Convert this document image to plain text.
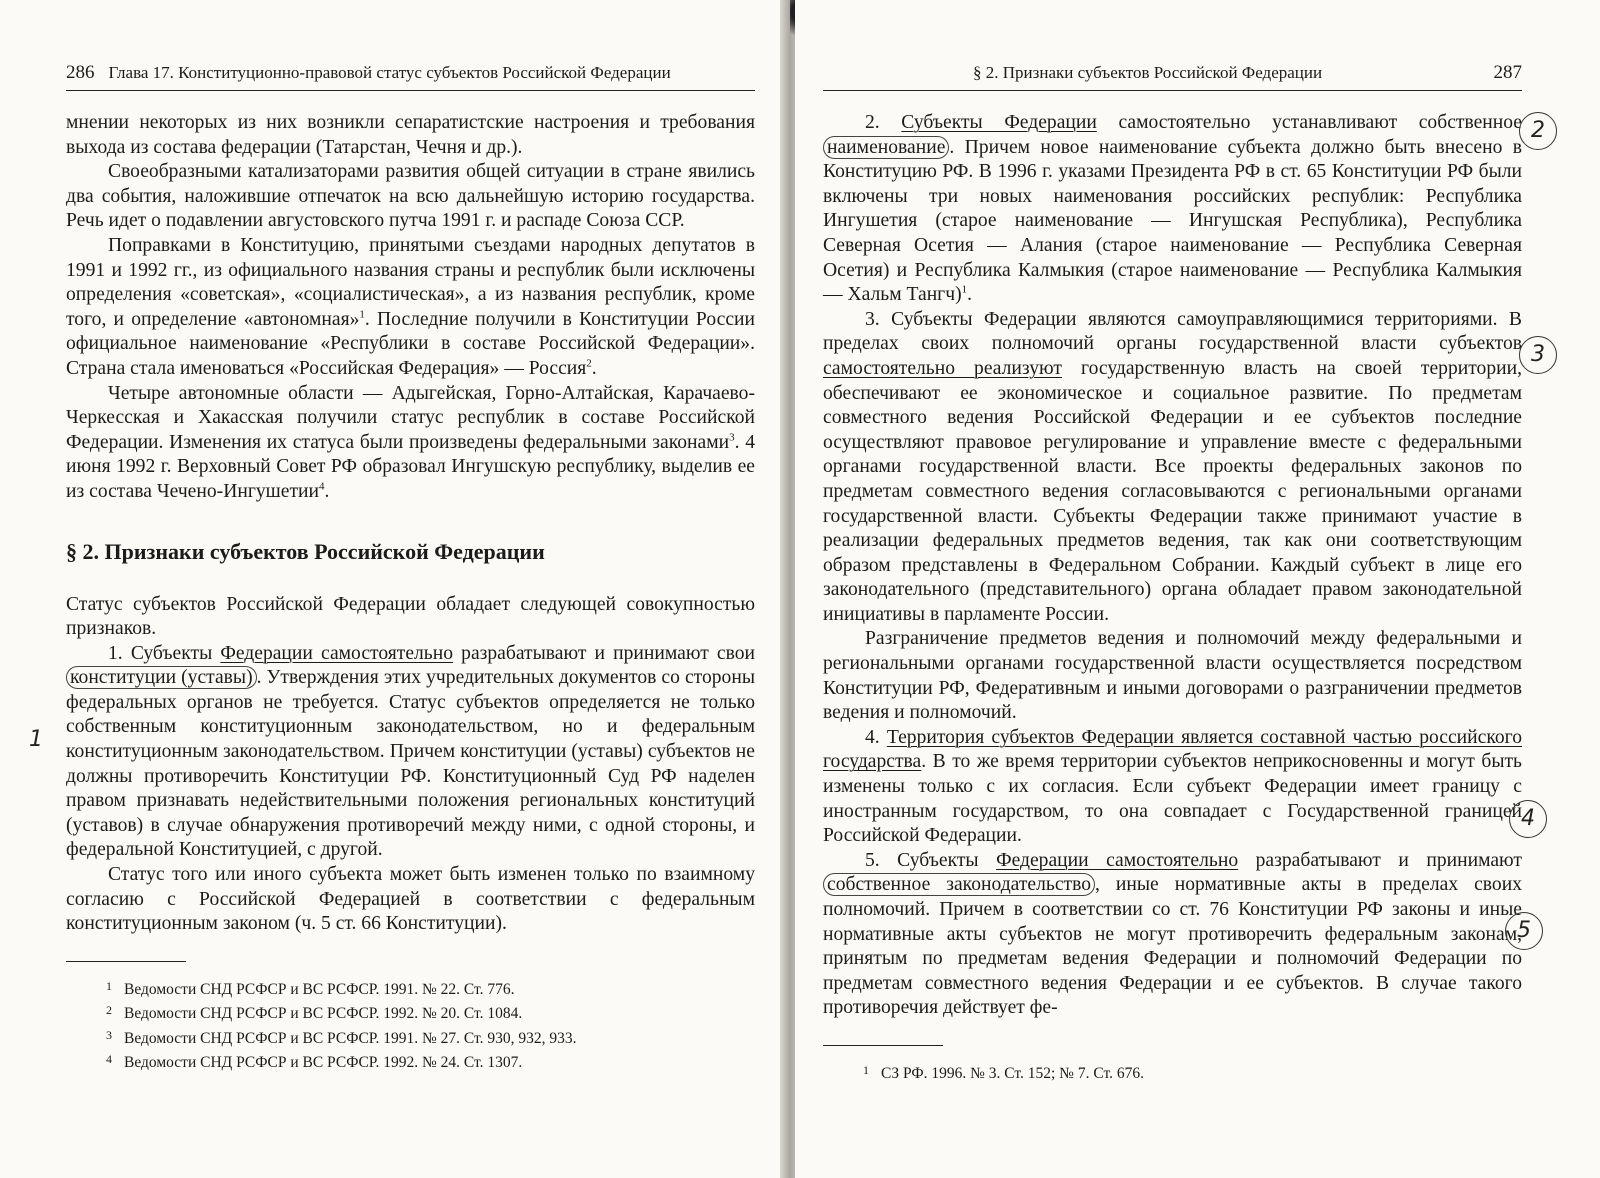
286 Глава 17. Конституционно-правовой статус субъектов Российской Федерации

мнении некоторых из них возникли сепаратистские настроения и требования выхода из состава федерации (Татарстан, Чечня и др.).

Своеобразными катализаторами развития общей ситуации в стране явились два события, наложившие отпечаток на всю дальнейшую историю государства. Речь идет о подавлении августовского путча 1991 г. и распаде Союза ССР.

Поправками в Конституцию, принятыми съездами народных депутатов в 1991 и 1992 гг., из официального названия страны и республик были исключены определения «советская», «социалистическая», а из названия республик, кроме того, и определение «автономная»$^1$. Последние получили в Конституции России официальное наименование «Республики в составе Российской Федерации». Страна стала именоваться «Российская Федерация» — Россия$^2$.

Четыре автономные области — Адыгейская, Горно-Алтайская, Карачаево-Черкесская и Хакасская получили статус республик в составе Российской Федерации. Изменения их статуса были произведены федеральными законами$^3$. 4 июня 1992 г. Верховный Совет РФ образовал Ингушскую республику, выделив ее из состава Чечено-Ингушетии$^4$.

§ 2. Признаки субъектов Российской Федерации

Статус субъектов Российской Федерации обладает следующей совокупностью признаков.

1. Субъекты Федерации самостоятельно разрабатывают и принимают свои конституции (уставы) . Утверждения этих учредительных документов со стороны федеральных органов не требуется. Статус субъектов определяется не только собственным конституционным законодательством, но и федеральным конституционным законодательством. Причем конституции (уставы) субъектов не должны противоречить Конституции РФ. Конституционный Суд РФ наделен правом признавать недействительными положения региональных конституций (уставов) в случае обнаружения противоречий между ними, с одной стороны, и федеральной Конституцией, с другой.

Статус того или иного субъекта может быть изменен только по взаимному согласию с Российской Федерацией в соответствии с федеральным конституционным законом (ч. 5 ст. 66 Конституции).

1 Ведомости СНД РСФСР и ВС РСФСР. 1991. № 22. Ст. 776.
2 Ведомости СНД РСФСР и ВС РСФСР. 1992. № 20. Ст. 1084.
3 Ведомости СНД РСФСР и ВС РСФСР. 1991. № 27. Ст. 930, 932, 933.
4 Ведомости СНД РСФСР и ВС РСФСР. 1992. № 24. Ст. 1307.
1
§ 2. Признаки субъектов Российской Федерации	287

2. Субъекты Федерации самостоятельно устанавливают собственное наименование . Причем новое наименование субъекта должно быть внесено в Конституцию РФ. В 1996 г. указами Президента РФ в ст. 65 Конституции РФ были включены три новых наименования российских республик: Республика Ингушетия (старое наименование — Ингушская Республика), Республика Северная Осетия — Алания (старое наименование — Республика Северная Осетия) и Республика Калмыкия (старое наименование — Республика Калмыкия — Хальм Тангч)$^1$.

3. Субъекты Федерации являются самоуправляющимися территориями. В пределах своих полномочий органы государственной власти субъектов самостоятельно реализуют государственную власть на своей территории, обеспечивают ее экономическое и социальное развитие. По предметам совместного ведения Российской Федерации и ее субъектов последние осуществляют правовое регулирование и управление вместе с федеральными органами государственной власти. Все проекты федеральных законов по предметам совместного ведения согласовываются с региональными органами государственной власти. Субъекты Федерации также принимают участие в реализации федеральных предметов ведения, так как они соответствующим образом представлены в Федеральном Собрании. Каждый субъект в лице его законодательного (представительного) органа обладает правом законодательной инициативы в парламенте России.

Разграничение предметов ведения и полномочий между федеральными и региональными органами государственной власти осуществляется посредством Конституции РФ, Федеративным и иными договорами о разграничении предметов ведения и полномочий.

4. Территория субъектов Федерации является составной частью российского государства. В то же время территории субъектов неприкосновенны и могут быть изменены только с их согласия. Если субъект Федерации имеет границу с иностранным государством, то она совпадает с Государственной границей Российской Федерации.

5. Субъекты Федерации самостоятельно разрабатывают и принимают собственное законодательство , иные нормативные акты в пределах своих полномочий. Причем в соответствии со ст. 76 Конституции РФ законы и иные нормативные акты субъектов не могут противоречить федеральным законам, принятым по предметам ведения Федерации и полномочий Федерации по предметам совместного ведения Федерации и ее субъектов. В случае такого противоречия действует фе-

1 СЗ РФ. 1996. № 3. Ст. 152; № 7. Ст. 676.
2
3
4
5
